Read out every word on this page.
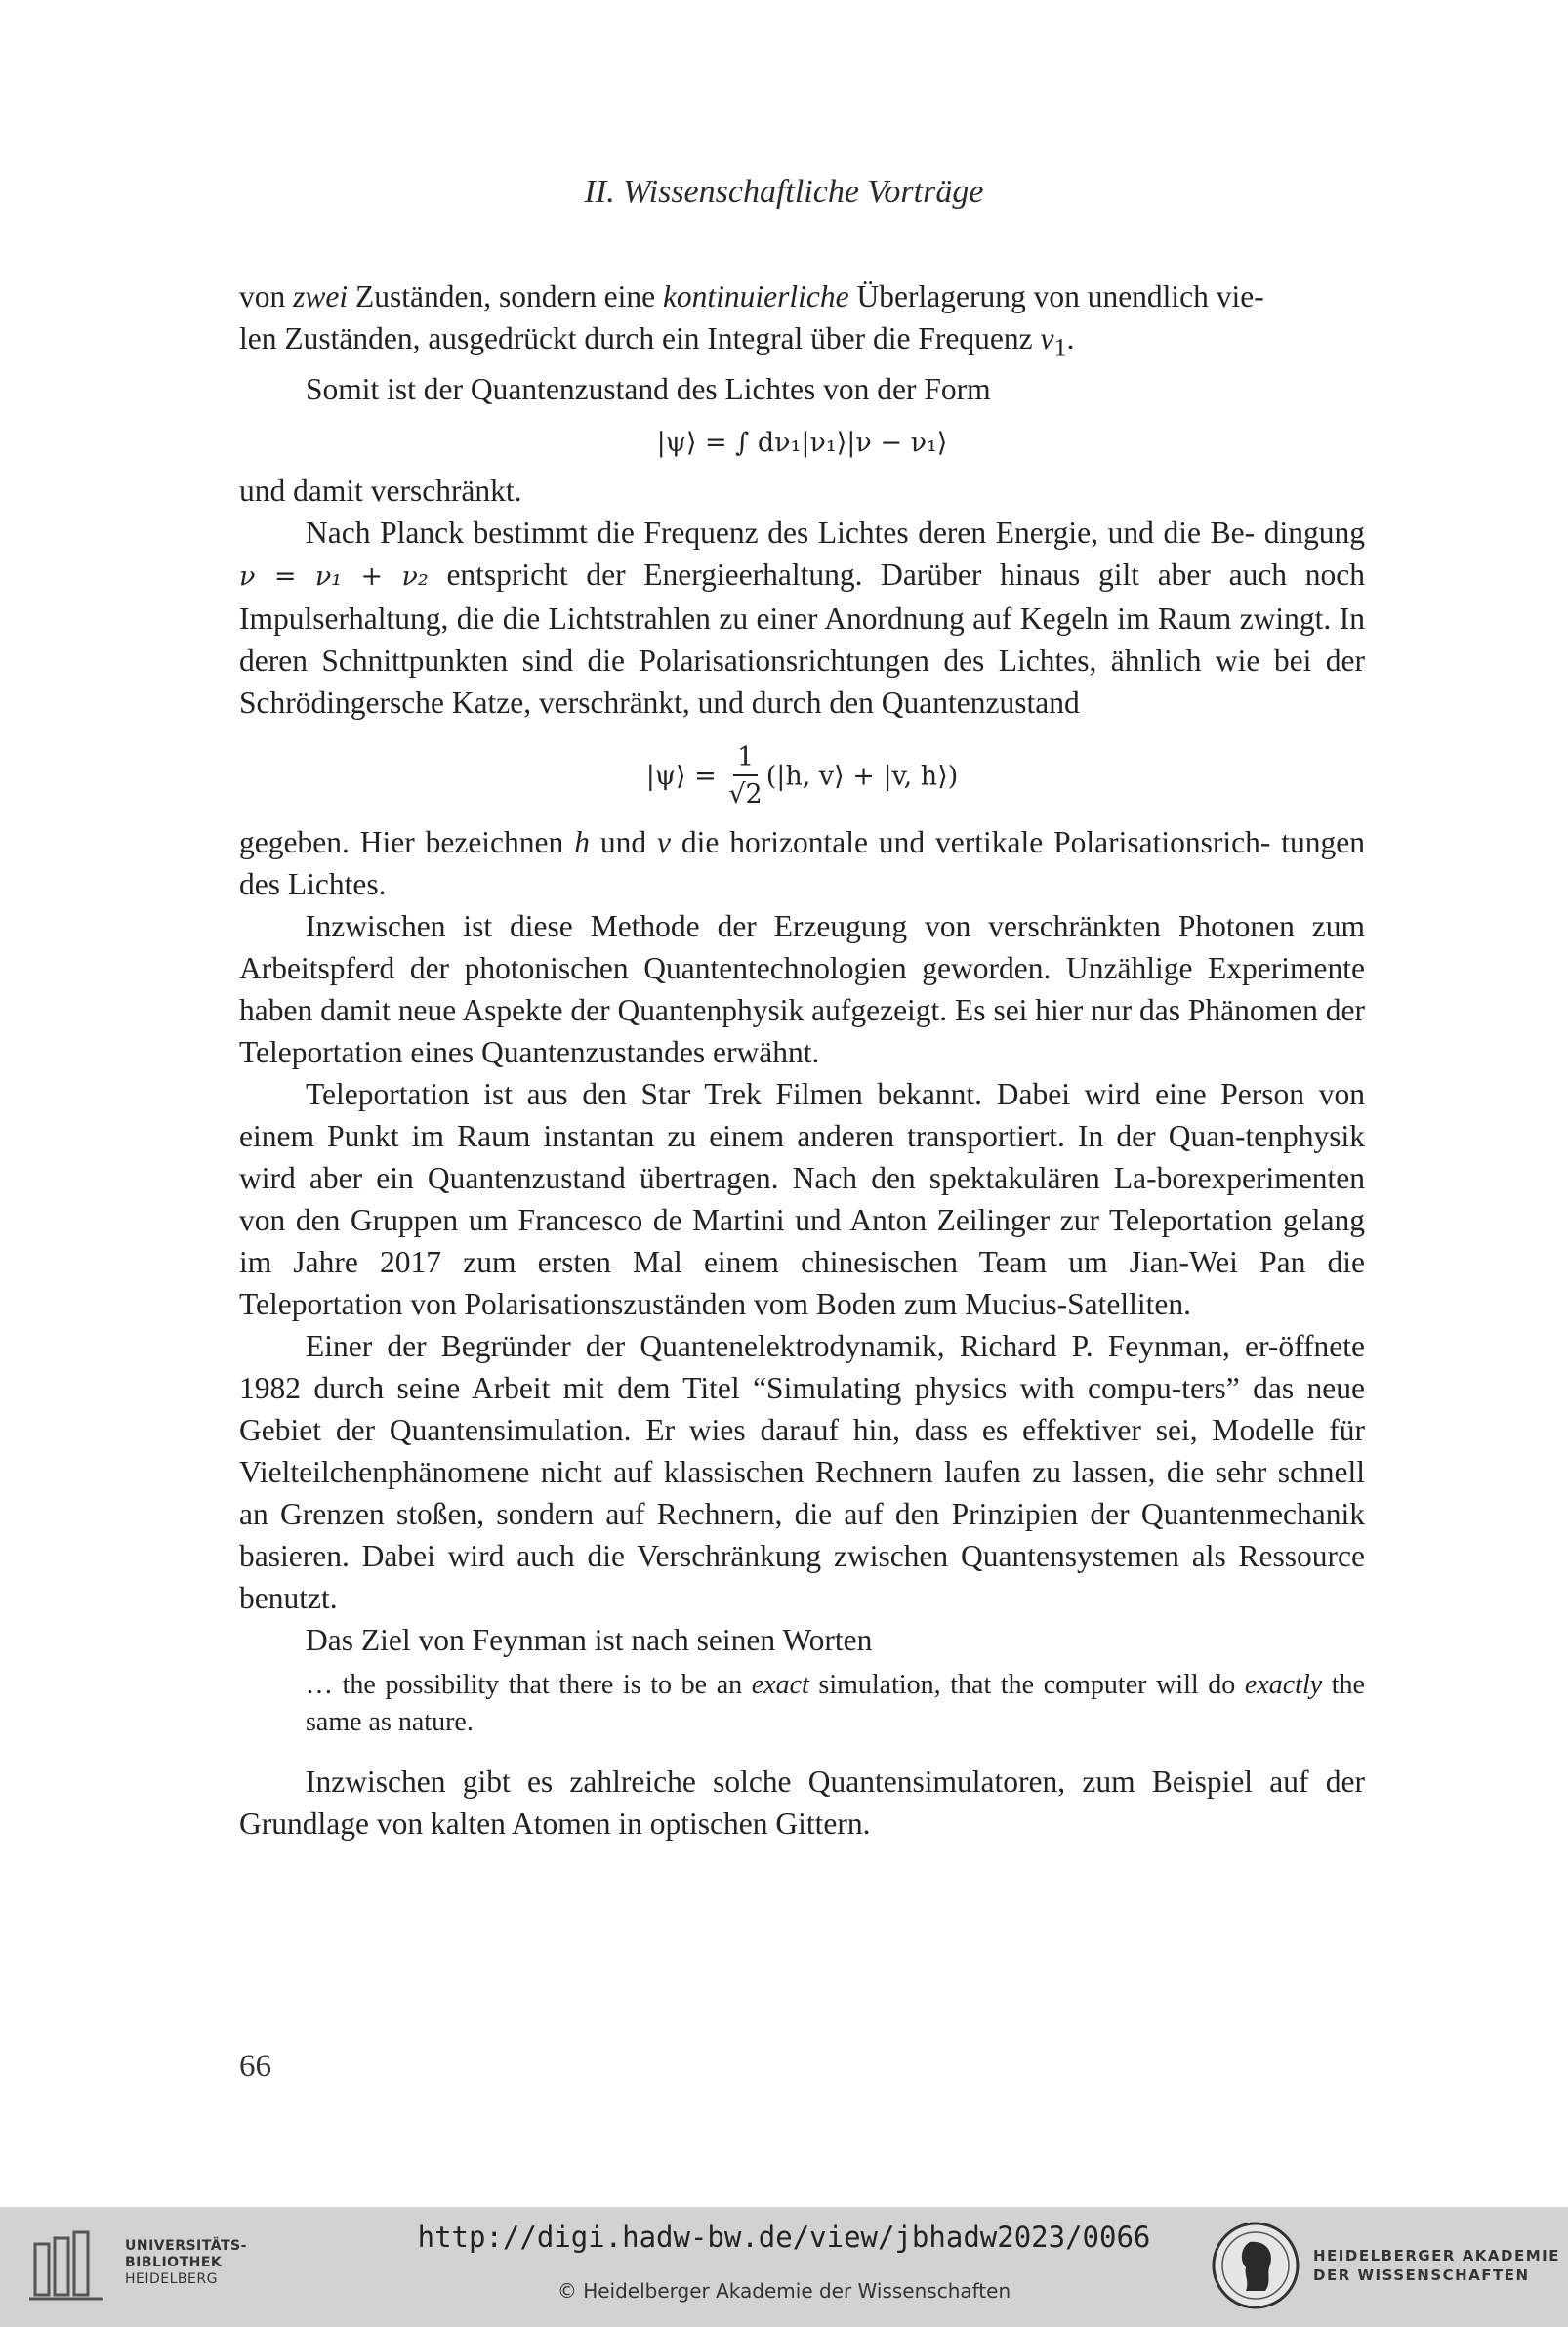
II. Wissenschaftliche Vorträge

von zwei Zuständen, sondern eine kontinuierliche Überlagerung von unendlich vie-
len Zuständen, ausgedrückt durch ein Integral über die Frequenz $\nu_1$.

Somit ist der Quantenzustand des Lichtes von der Form

|ψ⟩ = ∫ dν₁|ν₁⟩|ν − ν₁⟩

und damit verschränkt.

Nach Planck bestimmt die Frequenz des Lichtes deren Energie, und die Be- dingung ν = ν₁ + ν₂ entspricht der Energieerhaltung. Darüber hinaus gilt aber auch noch Impulserhaltung, die die Lichtstrahlen zu einer Anordnung auf Kegeln im Raum zwingt. In deren Schnittpunkten sind die Polarisationsrichtungen des Lichtes, ähnlich wie bei der Schrödingersche Katze, verschränkt, und durch den Quantenzustand

|ψ⟩ = $\frac{1}{√2} (|h$, v⟩ + |v, h⟩)

gegeben. Hier bezeichnen h und v die horizontale und vertikale Polarisationsrich- tungen des Lichtes.

Inzwischen ist diese Methode der Erzeugung von verschränkten Photonen zum Arbeitspferd der photonischen Quantentechnologien geworden. Unzählige Experimente haben damit neue Aspekte der Quantenphysik aufgezeigt. Es sei hier nur das Phänomen der Teleportation eines Quantenzustandes erwähnt.

Teleportation ist aus den Star Trek Filmen bekannt. Dabei wird eine Person von einem Punkt im Raum instantan zu einem anderen transportiert. In der Quan-tenphysik wird aber ein Quantenzustand übertragen. Nach den spektakulären La-borexperimenten von den Gruppen um Francesco de Martini und Anton Zeilinger zur Teleportation gelang im Jahre 2017 zum ersten Mal einem chinesischen Team um Jian-Wei Pan die Teleportation von Polarisationszuständen vom Boden zum Mucius-Satelliten.

Einer der Begründer der Quantenelektrodynamik, Richard P. Feynman, er-öffnete 1982 durch seine Arbeit mit dem Titel “Simulating physics with compu-ters” das neue Gebiet der Quantensimulation. Er wies darauf hin, dass es effektiver sei, Modelle für Vielteilchenphänomene nicht auf klassischen Rechnern laufen zu lassen, die sehr schnell an Grenzen stoßen, sondern auf Rechnern, die auf den Prinzipien der Quantenmechanik basieren. Dabei wird auch die Verschränkung zwischen Quantensystemen als Ressource benutzt.

Das Ziel von Feynman ist nach seinen Worten

… the possibility that there is to be an exact simulation, that the computer will do exactly the same as nature.

Inzwischen gibt es zahlreiche solche Quantensimulatoren, zum Beispiel auf der Grundlage von kalten Atomen in optischen Gittern.

66
UNIVERSITÄTS-
BIBLIOTHEK
HEIDELBERG
http://digi.hadw-bw.de/view/jbhadw2023/0066
© Heidelberger Akademie der Wissenschaften
HEIDELBERGER AKADEMIE
DER WISSENSCHAFTEN
